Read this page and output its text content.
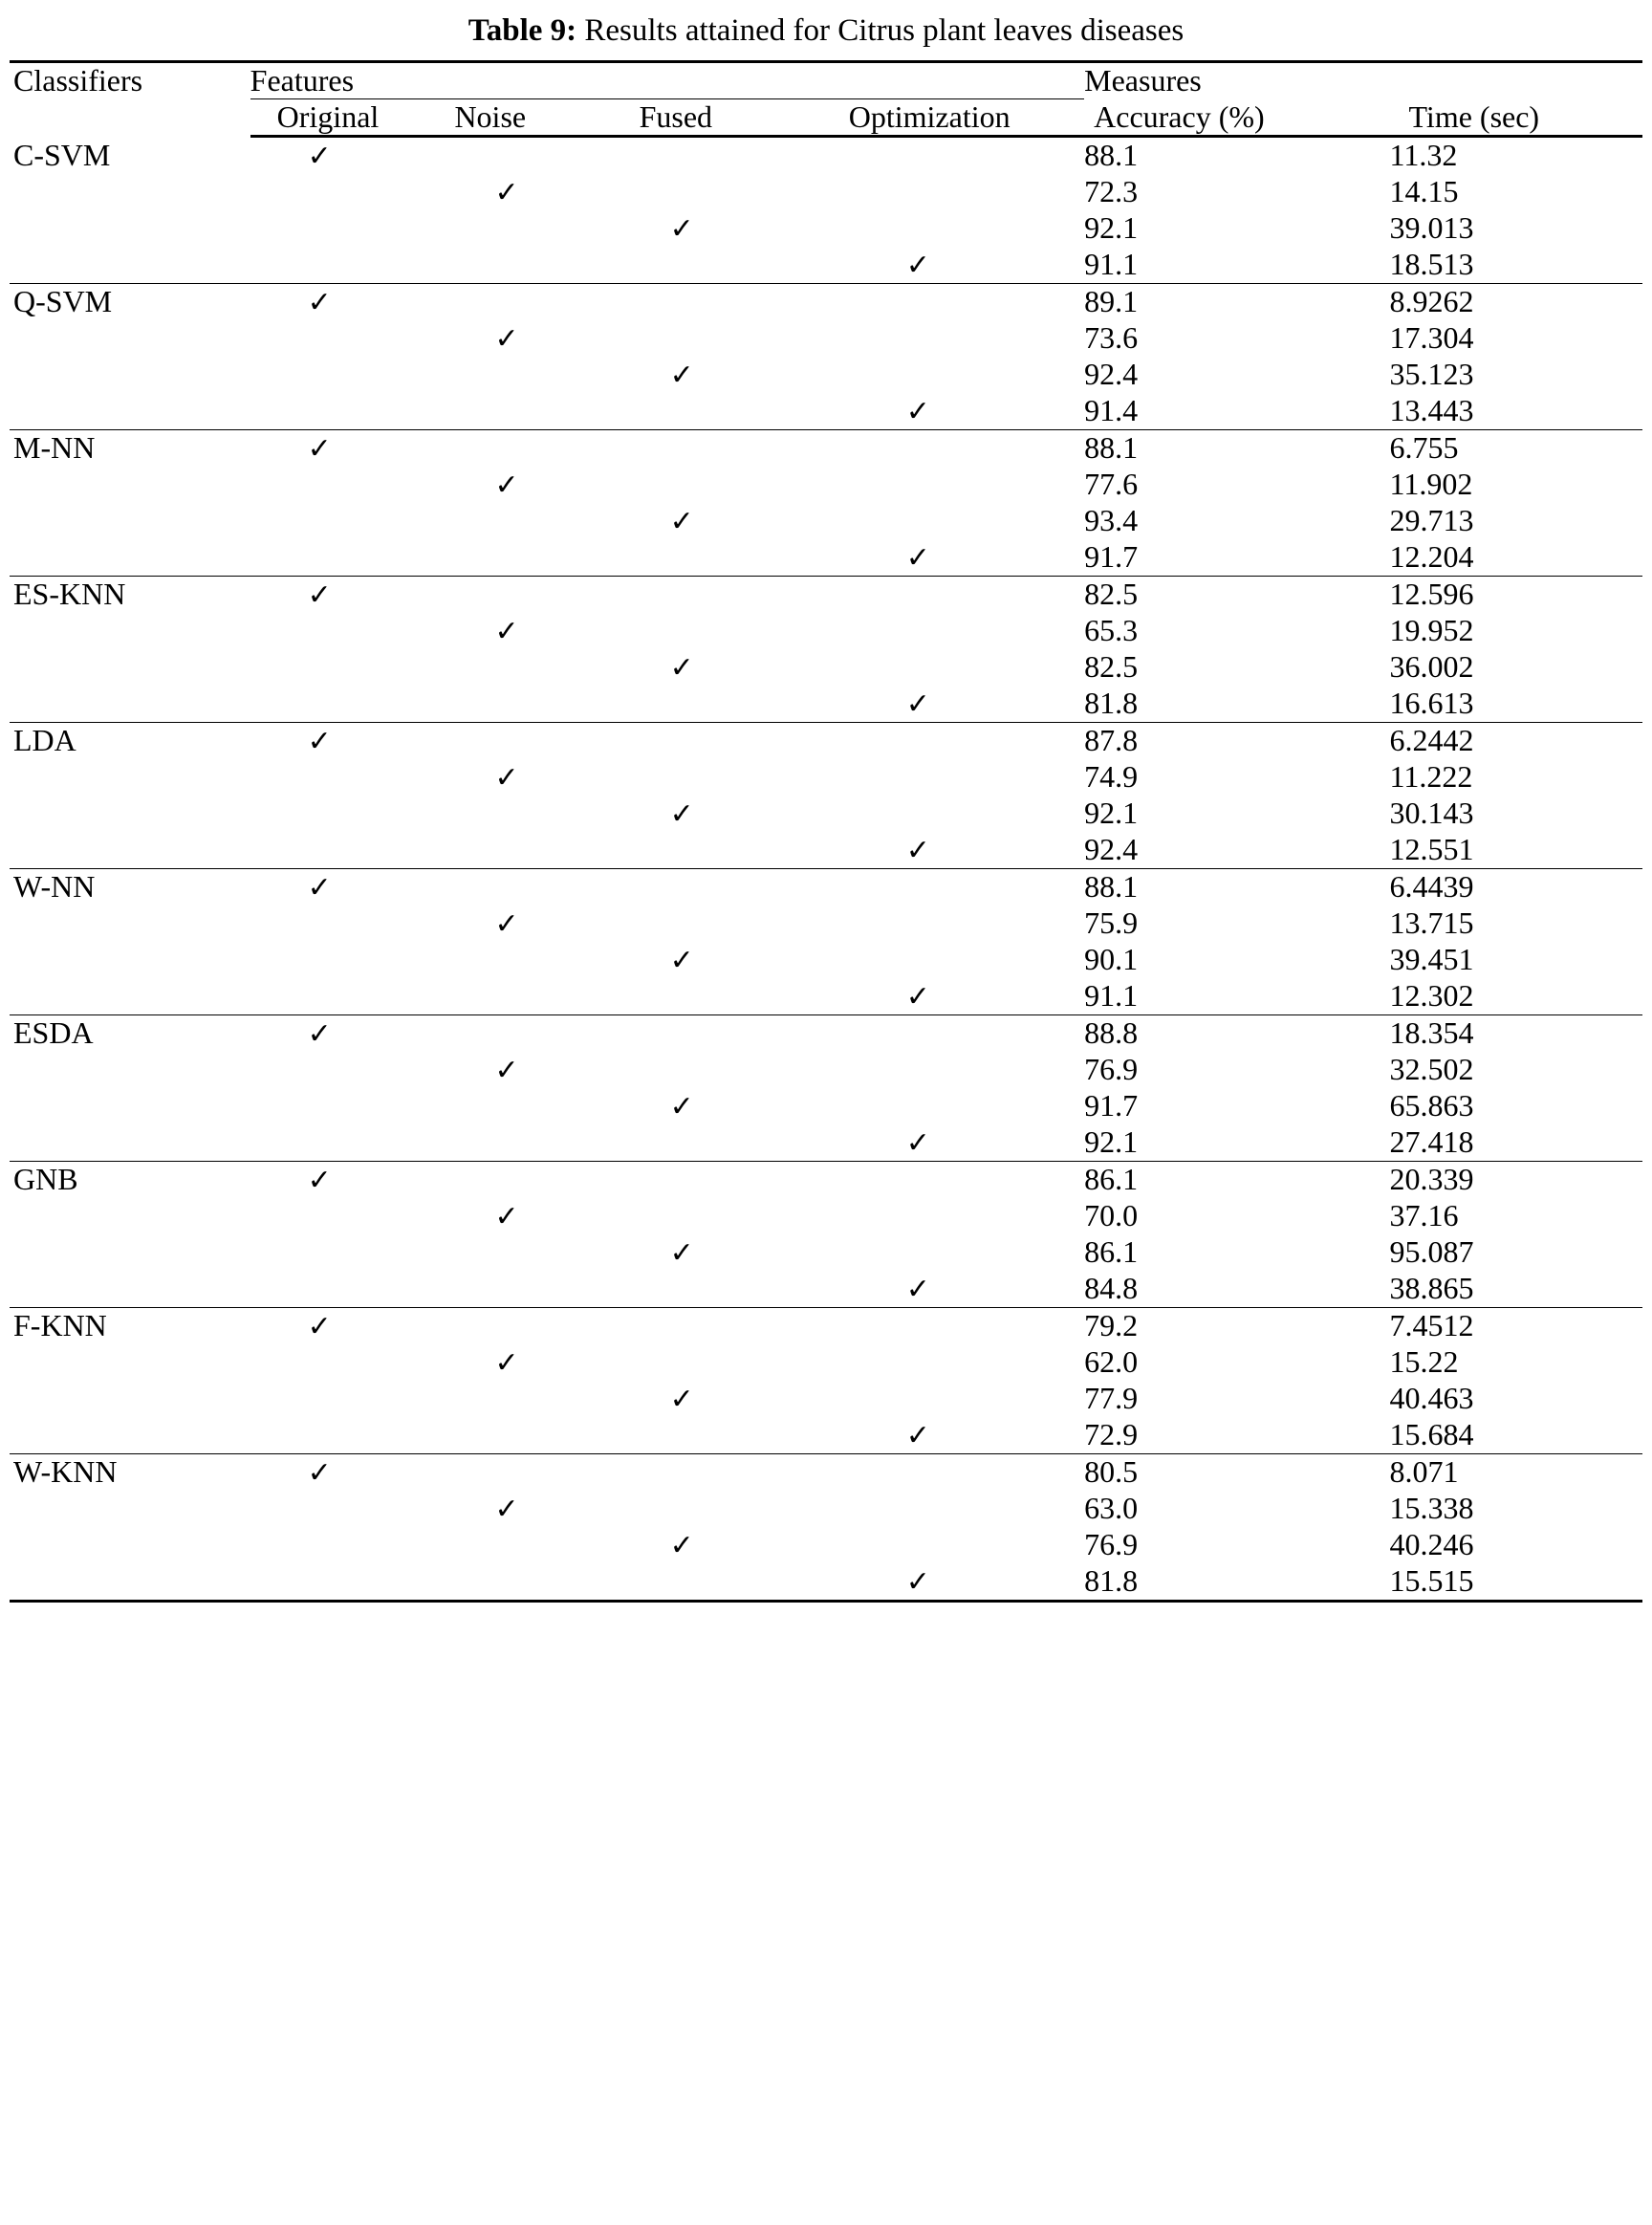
Table 9: Results attained for Citrus plant leaves diseases
Classifiers	Features				Measures	
	Original	Noise	Fused	Optimization	Accuracy (%)	Time (sec)
C-SVM	✓				88.1	11.32
		✓			72.3	14.15
			✓		92.1	39.013
				✓	91.1	18.513
Q-SVM	✓				89.1	8.9262
		✓			73.6	17.304
			✓		92.4	35.123
				✓	91.4	13.443
M-NN	✓				88.1	6.755
		✓			77.6	11.902
			✓		93.4	29.713
				✓	91.7	12.204
ES-KNN	✓				82.5	12.596
		✓			65.3	19.952
			✓		82.5	36.002
				✓	81.8	16.613
LDA	✓				87.8	6.2442
		✓			74.9	11.222
			✓		92.1	30.143
				✓	92.4	12.551
W-NN	✓				88.1	6.4439
		✓			75.9	13.715
			✓		90.1	39.451
				✓	91.1	12.302
ESDA	✓				88.8	18.354
		✓			76.9	32.502
			✓		91.7	65.863
				✓	92.1	27.418
GNB	✓				86.1	20.339
		✓			70.0	37.16
			✓		86.1	95.087
				✓	84.8	38.865
F-KNN	✓				79.2	7.4512
		✓			62.0	15.22
			✓		77.9	40.463
				✓	72.9	15.684
W-KNN	✓				80.5	8.071
		✓			63.0	15.338
			✓		76.9	40.246
				✓	81.8	15.515
